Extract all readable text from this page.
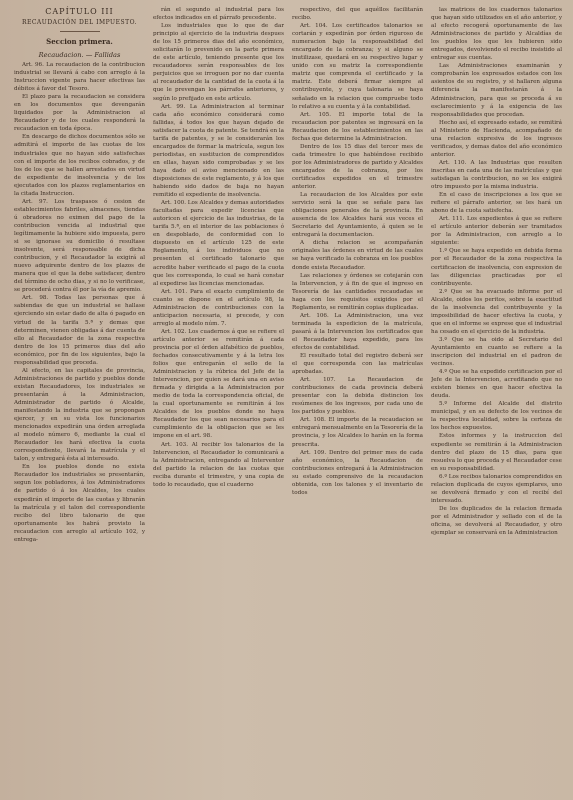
CAPÍTULO III

RECAUDACIÓN DEL IMPUESTO.

Seccion primera.

Recaudacion. — Fallidas

Art. 96. La recaudacion de la contribucion industrial se llevará á cabo con arreglo á la Instruccion vigente para hacer efectivas las débitos á favor del Tesoro.

El plazo para la recaudacion se considera en los documentos que devengarán liquidados por la Administracion al Recaudador y de los cuales responderá la recaudacion en toda época.

En descargo de dichos documentos sólo se admitirá el importe de las cuotas de los industriales que no hayan sido satisfechas con el importe de los recibos cobrados, y de los de los que se hallen arrestados en virtud de expediente de insolvencia y de los ejecutados con los plazos reglamentarios en la citada Instruccion.

Art. 97. Los traspasos ó cesion de establecimientos fabriles, almacenes, tiendas ú obradores no eximen del pago de la contribucion vencida al industrial que legítimamente la hubiere sido impuesta, pero si se ignorase su domicilio ó resultase insolvente, será responsable de dicha contribucion, y el Recaudador la exigirá al nuevo adquirente dentro de los plazos de manera que el que la debe satisfacer, dentro del término de ocho dias, y si no lo verificase, se procederá contra él por la vía de apremio.

Art. 98. Todas las personas que á sabiendas de que un industrial se hallase ejerciendo sin estar dado de alta ó pagado en virtud de la tarifa 5.ª y demas que determinen, vienen obligadas á dar cuenta de ello al Recaudador de la zona respectiva dentro de los 15 primeros dias del año económico, por fin de los siguientes, bajo la responsabilidad que proceda.

Al efecto, en las capitales de provincia, Administraciones de partido y pueblos donde existan Recaudadores, los industriales se presentarán á la Administracion, Administrador de partido ó Alcalde, manifestando la industria que se propongan ejercer, y en su vista los funcionarios mencionados expedirán una órden arreglada al modelo número 6, mediante la cual el Recaudador les hará efectiva la cuota correspondiente, llevará la matrícula y el talon, y entregará ésta al interesado.

En los pueblos donde no exista Recaudador los industriales se presentarán, segun los pobladores, á los Administradores de partido ó á los Alcaldes, los cuales expedirán el importe de las cuotas y librarán la matrícula y el talon del correspondiente recibo del libro talonario de que oportunamente les habrá provisto la recaudacion con arreglo al artículo 102, y entrega-

rán el segundo al industrial para los efectos indicados en el párrafo precedente.

Los industriales que lo que de dar principio al ejercicio de la industria despues de los 15 primeros dias del año económico, solicitarán lo prevenido en la parte primera de este artículo, teniendo presente que los recaudadores serán responsables de los perjuicios que se irroguen por no dar cuenta al recaudador de la cantidad de la cuota á la que le prevengan los párrafos anteriores, y según lo prefijado en este artículo.

Art. 99. La Administracion al terminar cada año económico considerará como fallidas, á todos los que hayan dejado de satisfacer la cuota de patente. Se tendrá en la tarifa de patentes, y se le considerarán los encargados de formar la matrícula, segun los periodistas, en sustitucion de comprendidos en ellas, hayan sido comprobadas y se les haya dado el aviso mencionado en las disposiciones de este reglamento, y á los que habiendo sido dados de baja no hayan remitido el expediente de insolvencia.

Art. 100. Los Alcaldes y demas autoridades facultadas para expedir licencias que autoricen el ejercicio de las industrias, de la tarifa 5.ª, en el interior de las poblaciones ó en despoblado, de conformidad con lo dispuesto en el artículo 125 de este Reglamento, á los individuos que no presenten el certificado talonario que acredite haber verificado el pago de la cuota que les corresponda, lo cual se hará constar al expedirse las licencias mencionadas.

Art. 101. Para el exacto cumplimiento de cuanto se dispone en el artículo 98, la Administracion de contribuciones con la anticipacion necesaria, si precede, y con arreglo al modelo núm. 7.

Art. 102. Los cuadernos á que se refiere el artículo anterior se remitirán á cada provincia por el órden alfabético de pueblos, fechados consecutivamente y á la letra los folios que entregarán el sello de la Administracion y la rúbrica del Jefe de la Intervencion, por quien se dará una en aviso firmada y dirigida a la Administracion por medio de toda la correspondencia oficial, de la cual oportunamente se remitirán á los Alcaldes de los pueblos donde no haya Recaudador los que sean necesarios para el cumplimiento de la obligacion que se les impone en el art. 98.

Art. 103. Al recibir los talonarios de la Intervencion, el Recaudador lo comunicará a la Administracion, entregando al Interventor del partido la relacion de las cuotas que reciba durante el trimestre, y una copia de todo lo recaudado, que el cuaderno

respectivo, del que aquéllos facilitarán recibo.

Art. 104. Los certificados talonarios se cortarán y expedirán por órden riguroso de numeracion bajo la responsabilidad del encargado de la cobranza; y si alguno se inutilizase, quedará en su respectivo lugar y unido con su matriz la correspondiente matriz que comprenda el certificado y la matriz. Este deberá firmar siempre al contribuyente, y cuya talonaria se haya señalado en la relacion que compruebe todo lo relativo a su cuenta y á la contabilidad.

Art. 105. El importe total de la recaudacion por patentes se ingresará en la Recaudacion de los establecimientos en las fechas que determine la Administracion.

Dentro de los 15 dias del tercer mes de cada trimestre lo que habiéndose recibido por los Administradores de partido y Alcaldes encargados de la cobranza, por los certificados expedidos en el trimestre anterior.

La recaudacion de los Alcaldes por este servicio será la que se señale para las obligaciones generales de la provincia. En ausencia de los Alcaldes hará sus veces el Secretario del Ayuntamiento, á quien se le entregará la documentacion.

A dicha relacion se acompañarán originales las órdenes en virtud de las cuales se haya verificado la cobranza en los pueblos donde exista Recaudador.

Las relaciones y órdenes se cotejarán con la Intervencion, y á fin de que el ingreso en Tesorería de las cantidades recaudadas se haga con los requisitos exigidos por el Reglamento, se remitirán copias duplicadas.

Art. 106. La Administracion, una vez terminada la expedicion de la matrícula, pasará á la Intervencion los certificados que el Recaudador haya expedido, para los efectos de contabilidad.

El resultado total del registro deberá ser el que corresponda con las matrículas aprobadas.

Art. 107. La Recaudacion de contribuciones de cada provincia deberá presentar con la debida distincion los resúmenes de los ingresos, por cada uno de los partidos y pueblos.

Art. 108. El importe de la recaudacion se entregará mensualmente en la Tesorería de la provincia, y los Alcaldes lo harán en la forma prescrita.

Art. 109. Dentro del primer mes de cada año económico, la Recaudacion de contribuciones entregará á la Administracion su estado comprensivo de la recaudacion obtenida, con los talones y el inventario de todos

las matrices de los cuadernos talonarios que hayan sido utilizados en el año anterior, y al efecto recogerá oportunamente de las Administraciones de partido y Alcaldías de los pueblos los que les hubieren sido entregados, devolviendo el recibo insistido al entregar sus cuentas.

Las Administraciones examinarán y comprobarán los expresados estados con los asientos de su registro, y si hallaren alguna diferencia la manifestarán á la Administracion, para que se proceda á su esclarecimiento y á la exigencia de las responsabilidades que procedan.

Hecho así, el expresado estado, se remitirá al Ministerio de Hacienda, acompañado de una relacion expresiva de los ingresos verificados, y demas datos del año económico anterior.

Art. 110. A las Industrias que resulten inscritas en cada una de las matrículas y que satisfagan la contribucion, no se les exigirá otro impuesto por la misma industria.

En el caso de inscripciones a los que se refiere el párrafo anterior, se les hará un abono de la cuota satisfecha.

Art. 111. Los expedientes á que se refiere el artículo anterior deberán ser tramitados por la Administracion, con arreglo a lo siguiente:

1.º Que se haya expedido en debida forma por el Recaudador de la zona respectiva la certificacion de insolvencia, con expresion de las diligencias practicadas por el contribuyente.

2.º Que se ha evacuado informe por el Alcalde, oidos los peritos, sobre la exactitud de la insolvencia del contribuyente y la imposibilidad de hacer efectiva la cuota, y que en el informe se exprese que el industrial ha cesado en el ejercicio de la industria.

3.º Que se ha oido al Secretario del Ayuntamiento en cuanto se refiere a la inscripcion del industrial en el padron de vecinos.

4.º Que se ha expedido certificacion por el Jefe de la Intervencion, acreditando que no existen bienes en que hacer efectiva la deuda.

5.º Informe del Alcalde del distrito municipal, y en su defecto de los vecinos de la respectiva localidad, sobre la certeza de los hechos expuestos.

Estos informes y la instruccion del expediente se remitirán á la Administracion dentro del plazo de 15 dias, para que resuelva lo que proceda y el Recaudador cese en su responsabilidad.

6.º Los recibos talonarios comprendidos en relacion duplicada de cuyos ejemplares, uno se devolverá firmado y con el recibí del interesado.

De los duplicados de la relacion firmada por el Administrador y sellado con el de la oficina, se devolverá al Recaudador, y otro ejemplar se conservará en la Administracion
